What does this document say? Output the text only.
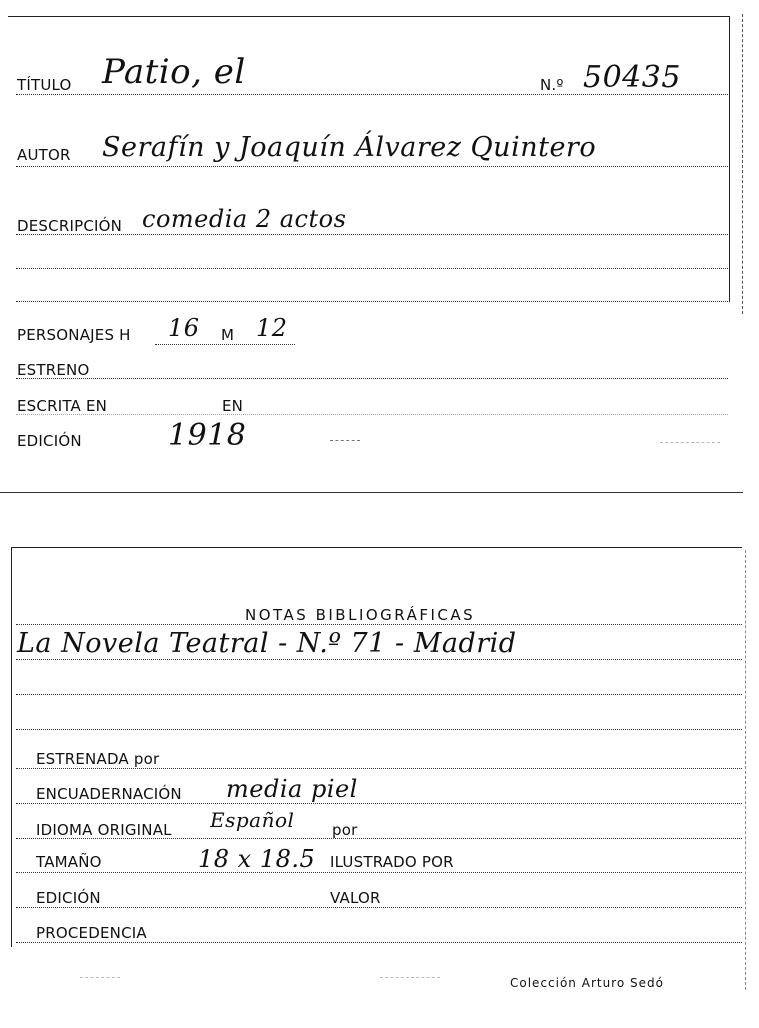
TÍTULO Patio, el	N.º 50435
AUTOR Serafín y Joaquín Álvarez Quintero
DESCRIPCIÓN comedia 2 actos
PERSONAJES H 16 M 12
ESTRENO
ESCRITA EN	EN
EDICIÓN	1918
NOTAS BIBLIOGRÁFICAS
La Novela Teatral - N.º 71 - Madrid
ESTRENADA por
ENCUADERNACIÓN media piel
IDIOMA ORIGINAL Español	por
TAMAÑO	18 x 18.5 ILUSTRADO POR
EDICIÓN	VALOR
PROCEDENCIA
Colección Arturo Sedó
